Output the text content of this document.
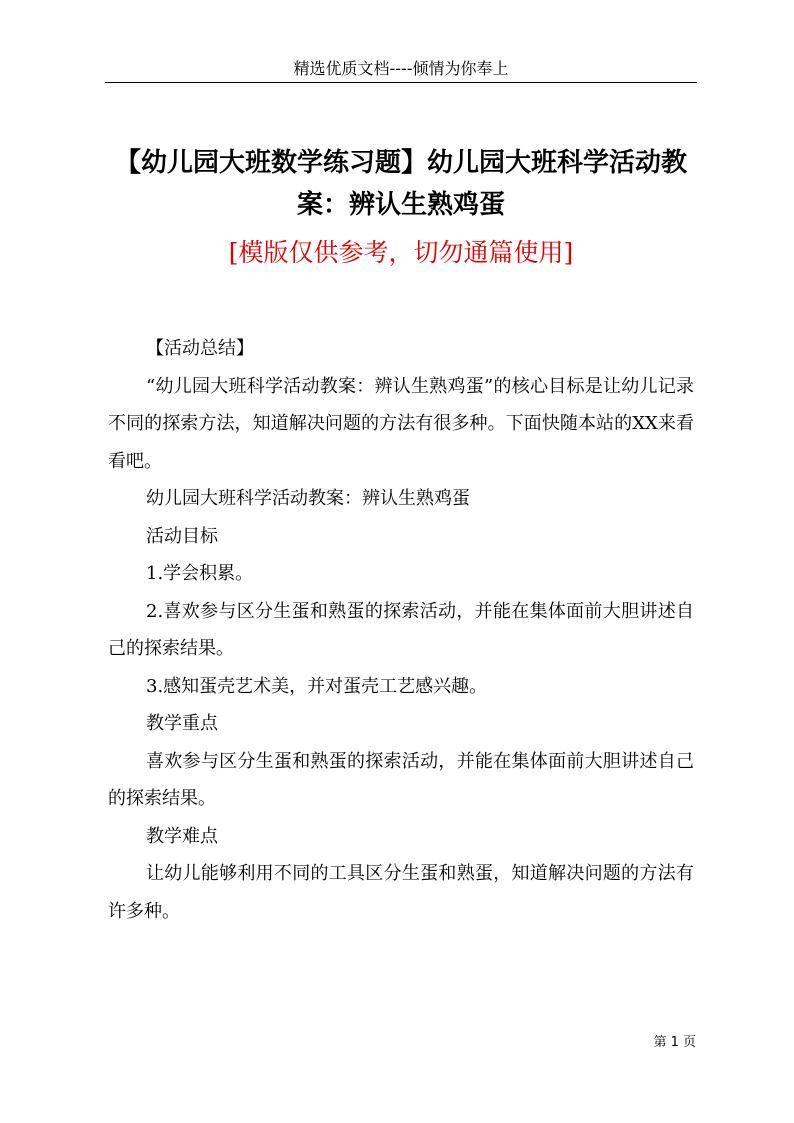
精选优质文档----倾情为你奉上
【幼儿园大班数学练习题】幼儿园大班科学活动教案：辨认生熟鸡蛋
[模版仅供参考，切勿通篇使用]

【活动总结】

“幼儿园大班科学活动教案：辨认生熟鸡蛋”的核心目标是让幼儿记录不同的探索方法，知道解决问题的方法有很多种。下面快随本站的XX来看看吧。

幼儿园大班科学活动教案：辨认生熟鸡蛋

活动目标

1.学会积累。

2.喜欢参与区分生蛋和熟蛋的探索活动，并能在集体面前大胆讲述自己的探索结果。

3.感知蛋壳艺术美，并对蛋壳工艺感兴趣。

教学重点

喜欢参与区分生蛋和熟蛋的探索活动，并能在集体面前大胆讲述自己的探索结果。

教学难点

让幼儿能够利用不同的工具区分生蛋和熟蛋，知道解决问题的方法有许多种。

第 1 页
